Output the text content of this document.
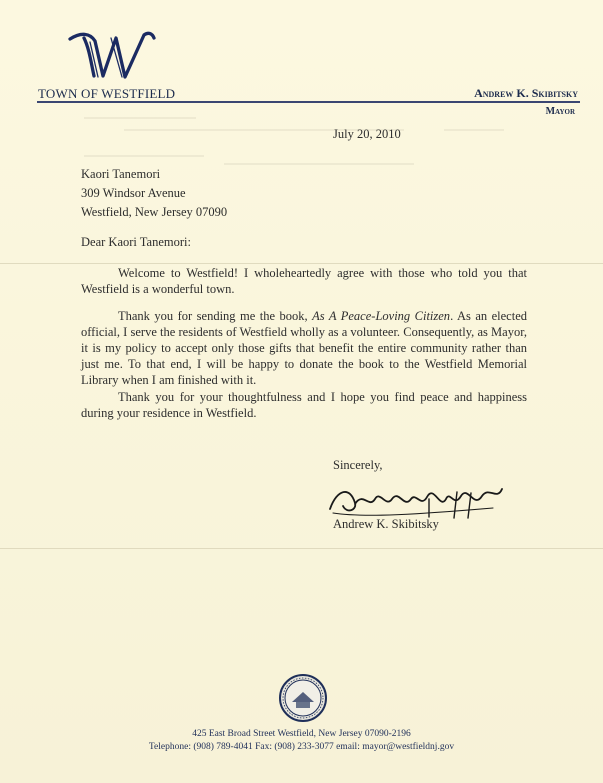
TOWN OF WESTFIELD	Andrew K. Skibitsky
Mayor
July 20, 2010
Kaori Tanemori
309 Windsor Avenue
Westfield, New Jersey 07090
Dear Kaori Tanemori:
Welcome to Westfield! I wholeheartedly agree with those who told you that Westfield is a wonderful town.
Thank you for sending me the book, As A Peace-Loving Citizen. As an elected official, I serve the residents of Westfield wholly as a volunteer. Consequently, as Mayor, it is my policy to accept only those gifts that benefit the entire community rather than just me. To that end, I will be happy to donate the book to the Westfield Memorial Library when I am finished with it.
Thank you for your thoughtfulness and I hope you find peace and happiness during your residence in Westfield.
Sincerely,
Andrew K. Skibitsky
425 East Broad Street Westfield, New Jersey 07090-2196
Telephone: (908) 789-4041 Fax: (908) 233-3077 email: mayor@westfieldnj.gov
